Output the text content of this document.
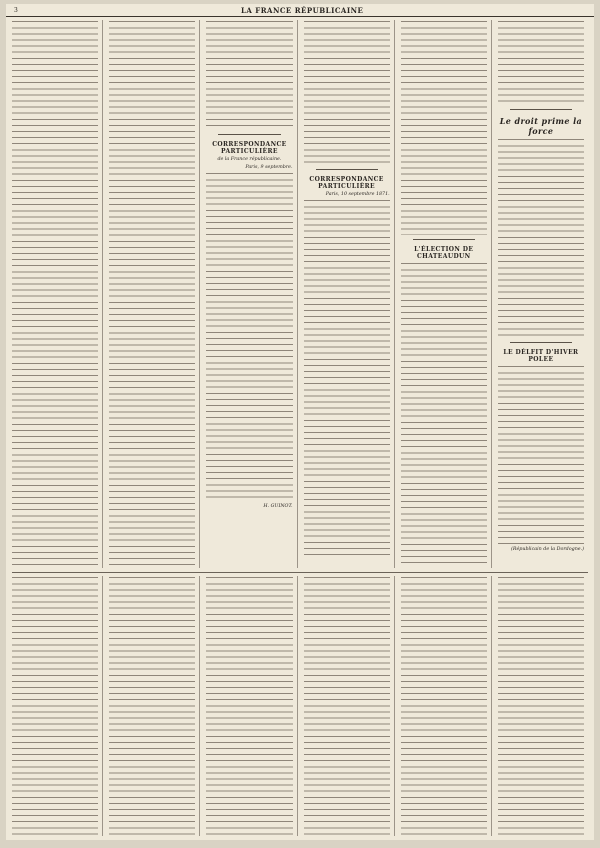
3	LA FRANCE RÉPUBLICAINE
CORRESPONDANCE PARTICULIÈRE
de la France républicaine.
Paris, 9 septembre.
H. GUINOT.
CORRESPONDANCE PARTICULIÈRE
Paris, 10 septembre 1871.
L'ÉLECTION DE CHATEAUDUN
Le droit prime la force
LE DÉLFIT D'HIVER POLEE
(Républicain de la Dordogne.)
